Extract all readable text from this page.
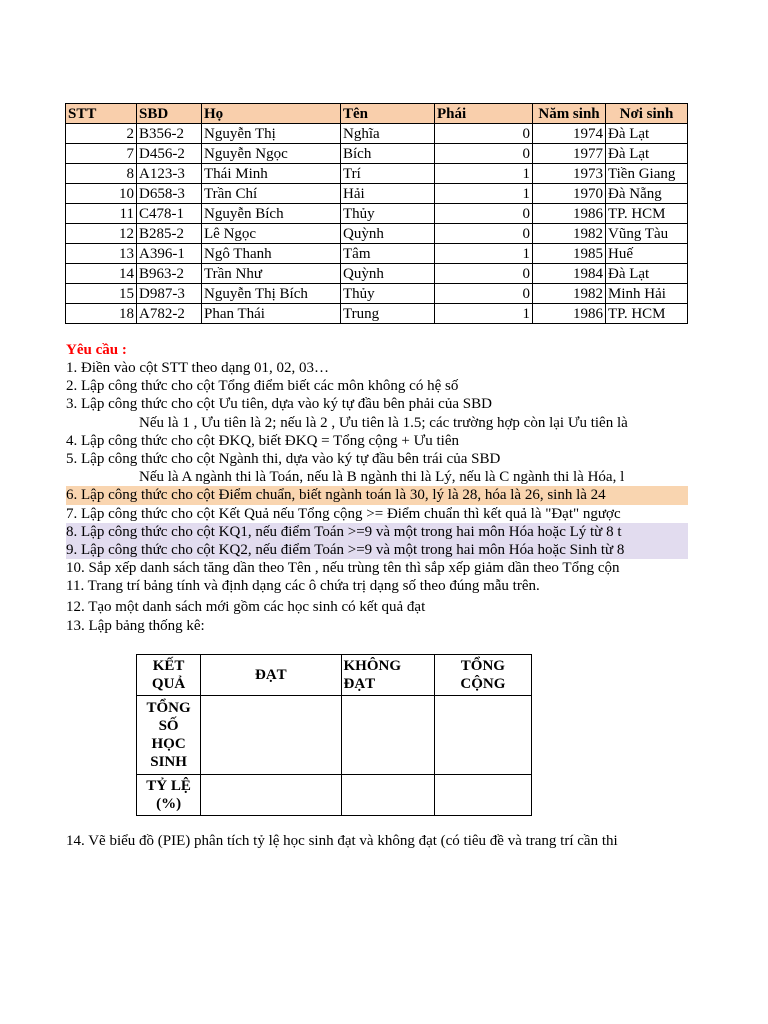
STT	SBD	Họ	Tên	Phái	Năm sinh	Nơi sinh
2	B356-2	Nguyễn Thị	Nghĩa	0	1974	Đà Lạt
7	D456-2	Nguyễn Ngọc	Bích	0	1977	Đà Lạt
8	A123-3	Thái Minh	Trí	1	1973	Tiền Giang
10	D658-3	Trần Chí	Hải	1	1970	Đà Nẵng
11	C478-1	Nguyễn Bích	Thủy	0	1986	TP. HCM
12	B285-2	Lê Ngọc	Quỳnh	0	1982	Vũng Tàu
13	A396-1	Ngô Thanh	Tâm	1	1985	Huế
14	B963-2	Trần Như	Quỳnh	0	1984	Đà Lạt
15	D987-3	Nguyễn Thị Bích	Thủy	0	1982	Minh Hải
18	A782-2	Phan Thái	Trung	1	1986	TP. HCM
Yêu cầu :
1. Điền vào cột STT theo dạng 01, 02, 03…
2. Lập công thức cho cột Tổng điểm biết các môn không có hệ số
3. Lập công thức cho cột Ưu tiên, dựa vào ký tự đầu bên phải của SBD
Nếu là 1 , Ưu tiên là 2; nếu là 2 , Ưu tiên là 1.5; các trường hợp còn lại Ưu tiên là
4. Lập công thức cho cột ĐKQ, biết ĐKQ = Tổng cộng + Ưu tiên
5. Lập công thức cho cột Ngành thi, dựa vào ký tự đầu bên trái của SBD
Nếu là A ngành thi là Toán, nếu là B ngành thi là Lý, nếu là C ngành thi là Hóa, l
6. Lập công thức cho cột Điểm chuẩn, biết ngành toán là 30, lý là 28, hóa là 26, sinh là 24
7. Lập công thức cho cột Kết Quả nếu Tổng cộng >= Điểm chuẩn thì kết quả là "Đạt" ngược
8. Lập công thức cho cột KQ1, nếu điểm Toán >=9 và một trong hai môn Hóa hoặc Lý từ 8 t
9. Lập công thức cho cột KQ2, nếu điểm Toán >=9 và một trong hai môn Hóa hoặc Sinh từ 8
10. Sắp xếp danh sách tăng dần theo Tên , nếu trùng tên thì sắp xếp giảm dần theo Tổng cộn
11. Trang trí bảng tính và định dạng các ô chứa trị dạng số theo đúng mẫu trên.
12. Tạo một danh sách mới gồm các học sinh có kết quả đạt
13. Lập bảng thống kê:
KẾT QUẢ	ĐẠT	KHÔNG ĐẠT	TỔNG CỘNG
TỔNG SỐ HỌC SINH			
TỶ LỆ (%)			
14. Vẽ biểu đồ (PIE) phân tích tỷ lệ học sinh đạt và không đạt (có tiêu đề và trang trí cần thi
